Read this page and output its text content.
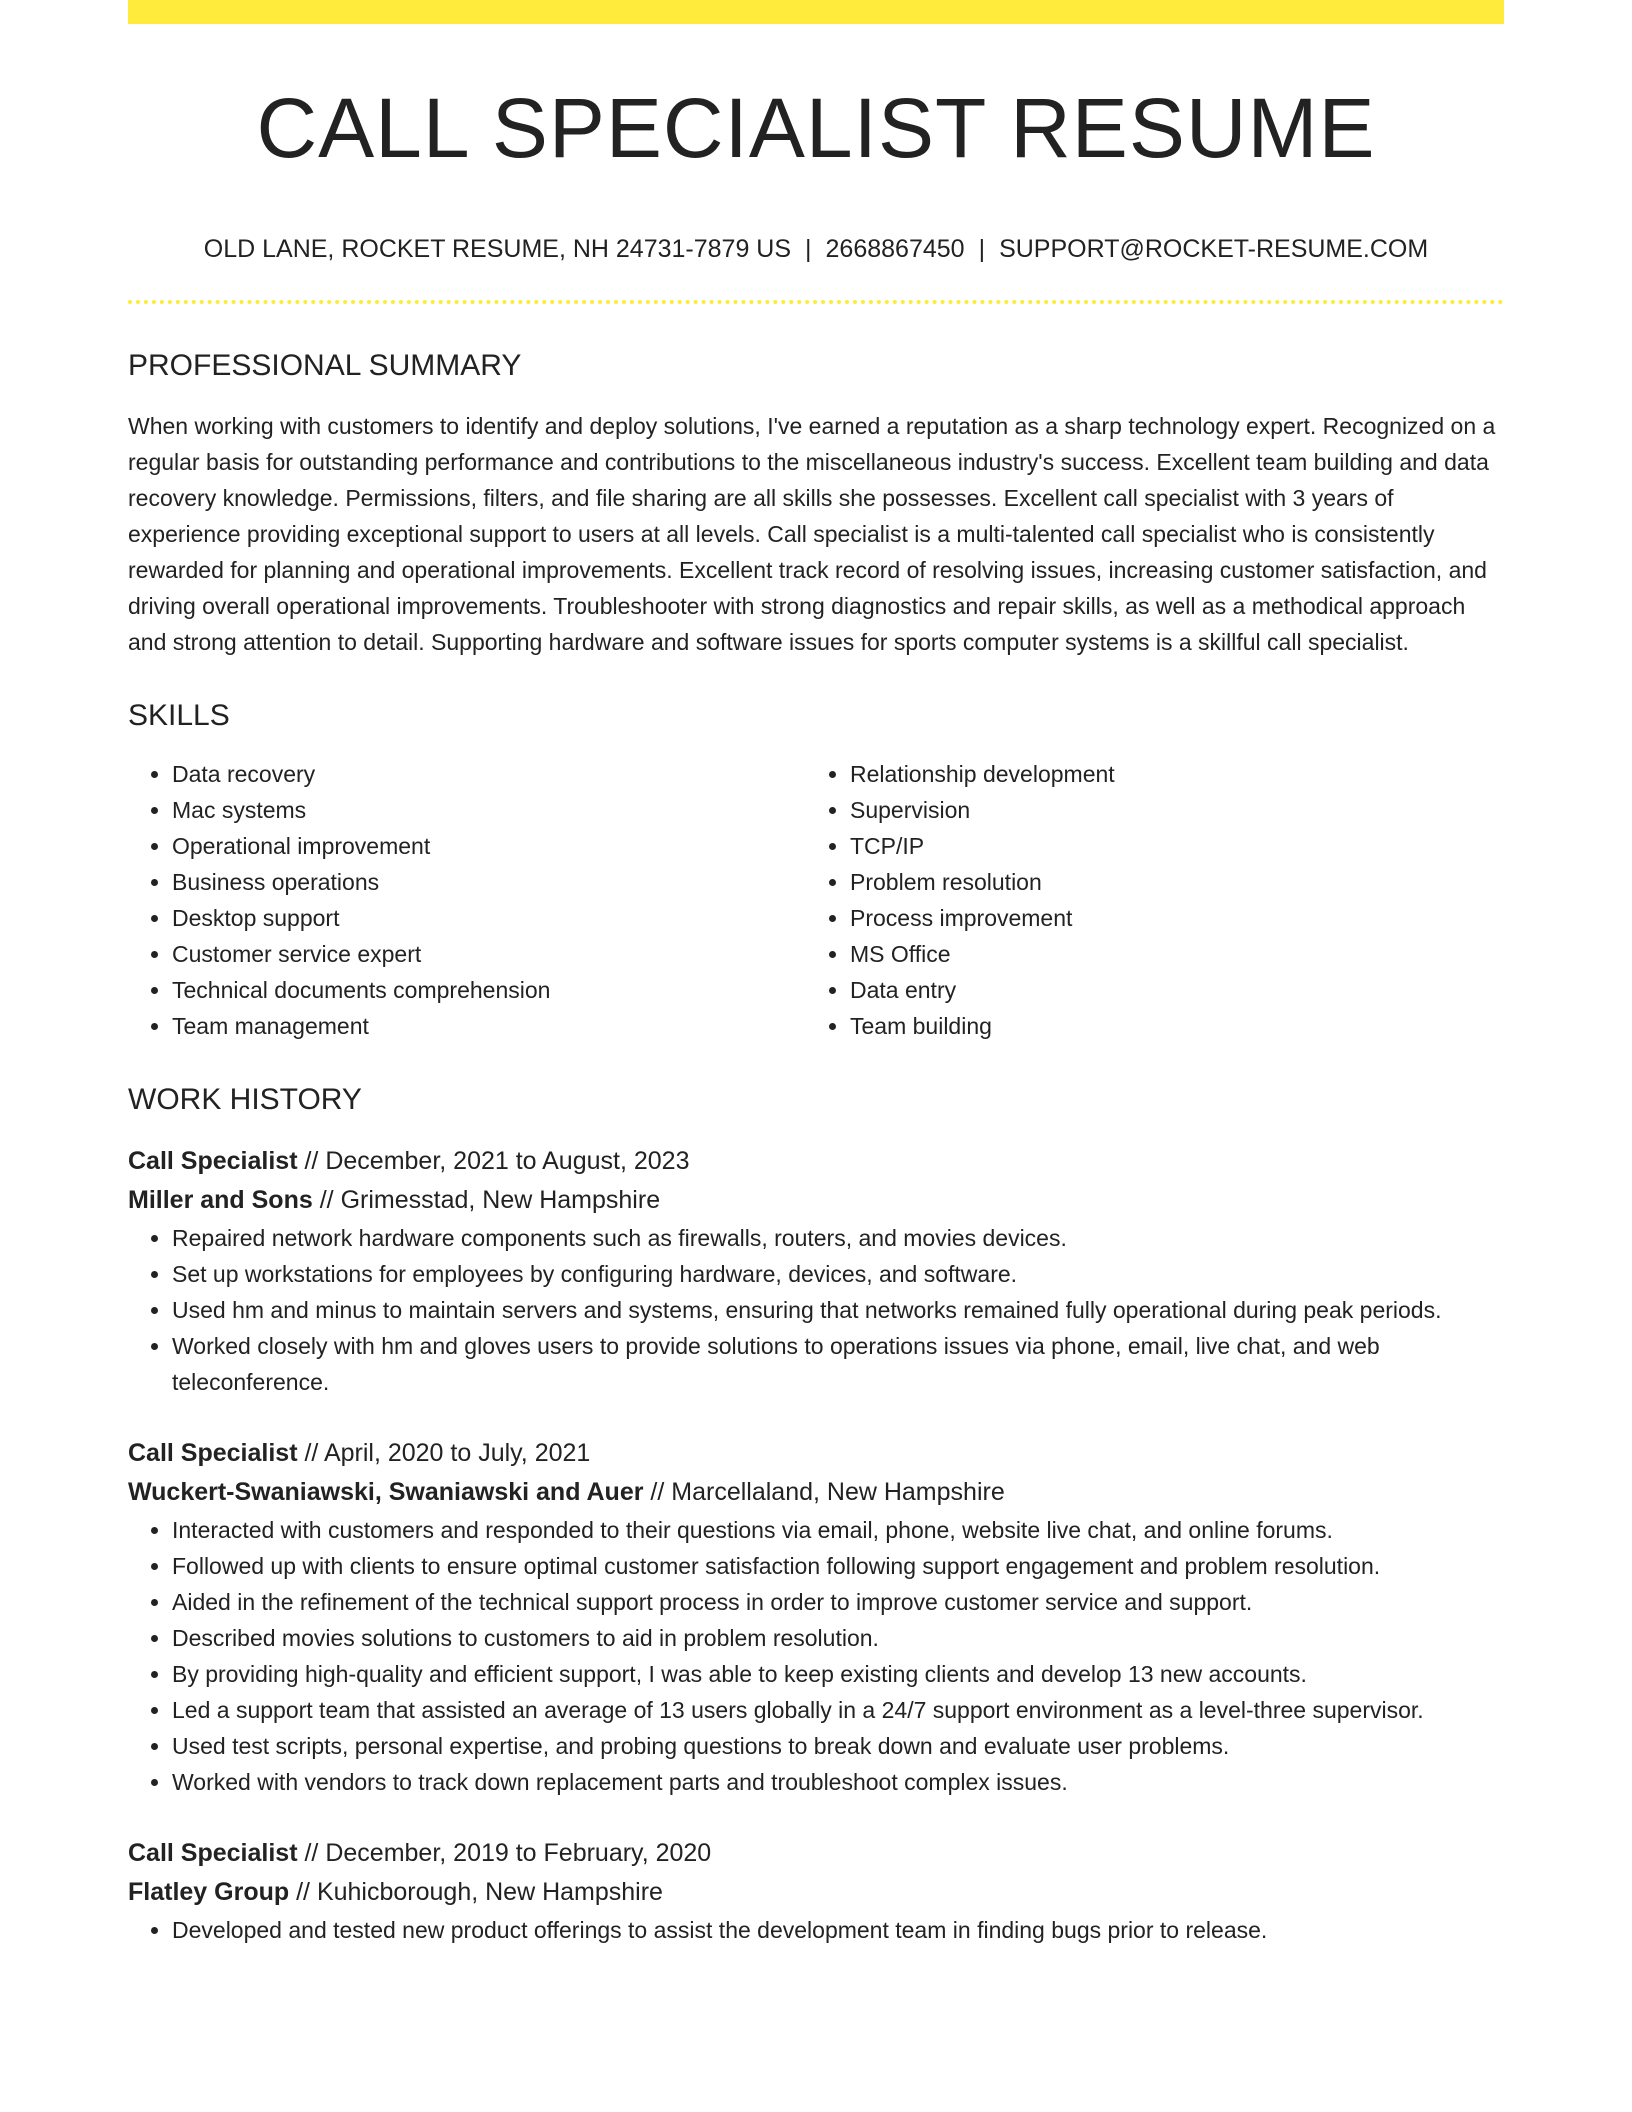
CALL SPECIALIST RESUME
OLD LANE, ROCKET RESUME, NH 24731-7879 US | 2668867450 | SUPPORT@ROCKET-RESUME.COM
PROFESSIONAL SUMMARY

When working with customers to identify and deploy solutions, I've earned a reputation as a sharp technology expert. Recognized on a regular basis for outstanding performance and contributions to the miscellaneous industry's success. Excellent team building and data recovery knowledge. Permissions, filters, and file sharing are all skills she possesses. Excellent call specialist with 3 years of experience providing exceptional support to users at all levels. Call specialist is a multi-talented call specialist who is consistently rewarded for planning and operational improvements. Excellent track record of resolving issues, increasing customer satisfaction, and driving overall operational improvements. Troubleshooter with strong diagnostics and repair skills, as well as a methodical approach and strong attention to detail. Supporting hardware and software issues for sports computer systems is a skillful call specialist.

SKILLS
• Data recovery
• Mac systems
• Operational improvement
• Business operations
• Desktop support
• Customer service expert
• Technical documents comprehension
• Team management
• Relationship development
• Supervision
• TCP/IP
• Problem resolution
• Process improvement
• MS Office
• Data entry
• Team building
WORK HISTORY
Call Specialist // December, 2021 to August, 2023
Miller and Sons // Grimesstad, New Hampshire
• Repaired network hardware components such as firewalls, routers, and movies devices.
• Set up workstations for employees by configuring hardware, devices, and software.
• Used hm and minus to maintain servers and systems, ensuring that networks remained fully operational during peak periods.
• Worked closely with hm and gloves users to provide solutions to operations issues via phone, email, live chat, and web teleconference.
Call Specialist // April, 2020 to July, 2021
Wuckert-Swaniawski, Swaniawski and Auer // Marcellaland, New Hampshire
• Interacted with customers and responded to their questions via email, phone, website live chat, and online forums.
• Followed up with clients to ensure optimal customer satisfaction following support engagement and problem resolution.
• Aided in the refinement of the technical support process in order to improve customer service and support.
• Described movies solutions to customers to aid in problem resolution.
• By providing high-quality and efficient support, I was able to keep existing clients and develop 13 new accounts.
• Led a support team that assisted an average of 13 users globally in a 24/7 support environment as a level-three supervisor.
• Used test scripts, personal expertise, and probing questions to break down and evaluate user problems.
• Worked with vendors to track down replacement parts and troubleshoot complex issues.
Call Specialist // December, 2019 to February, 2020
Flatley Group // Kuhicborough, New Hampshire
• Developed and tested new product offerings to assist the development team in finding bugs prior to release.
